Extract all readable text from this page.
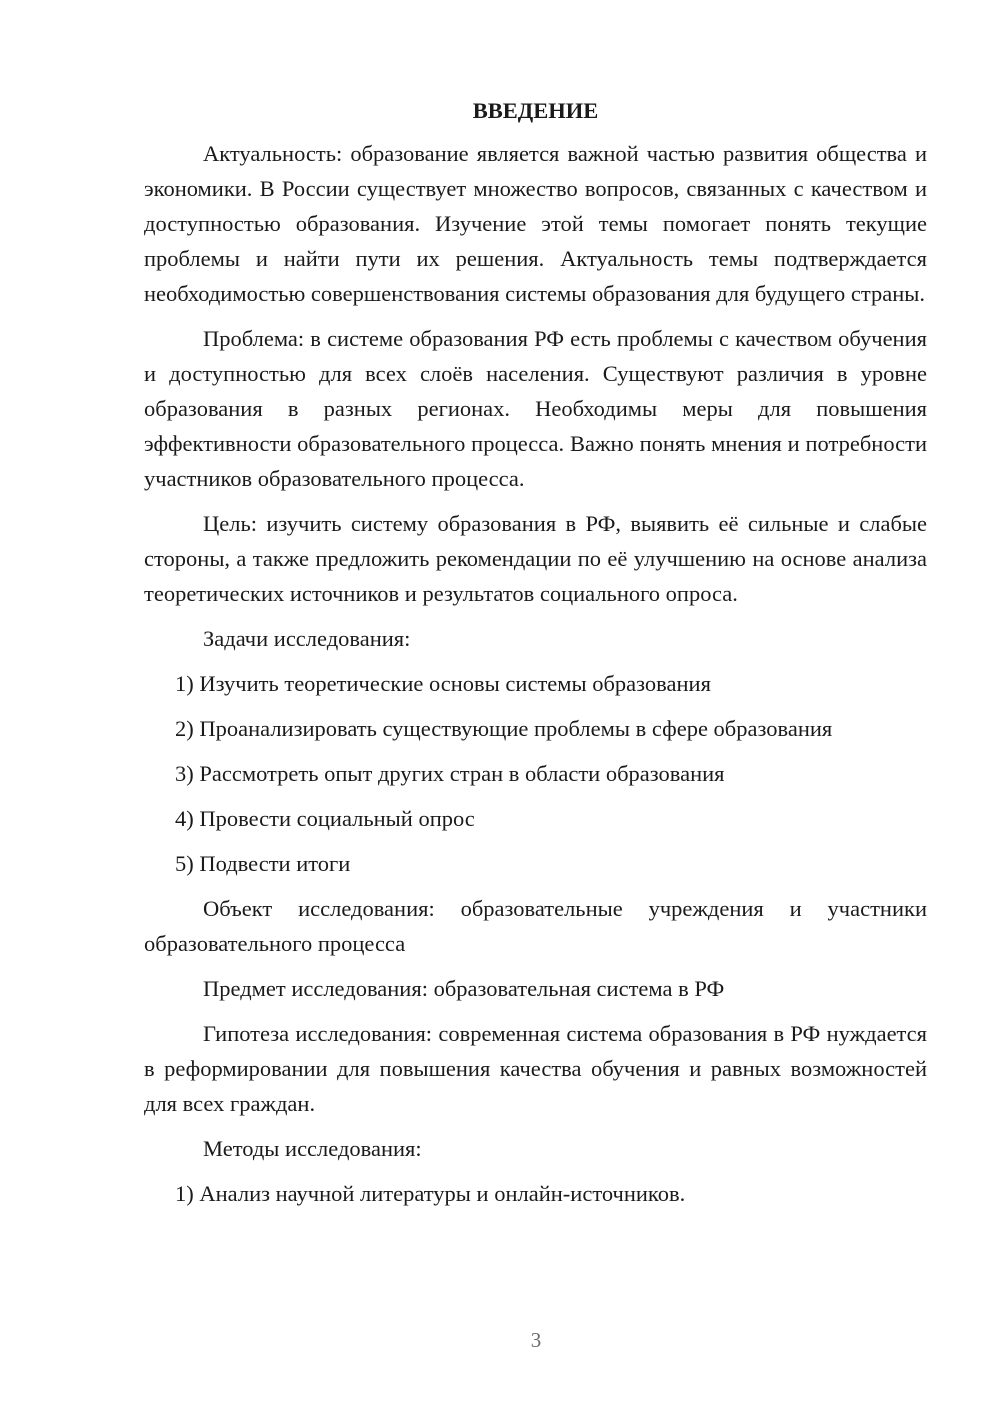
ВВЕДЕНИЕ
Актуальность: образование является важной частью развития общества и экономики. В России существует множество вопросов, связанных с качеством и доступностью образования. Изучение этой темы помогает понять текущие проблемы и найти пути их решения. Актуальность темы подтверждается необходимостью совершенствования системы образования для будущего страны.
Проблема: в системе образования РФ есть проблемы с качеством обучения и доступностью для всех слоёв населения. Существуют различия в уровне образования в разных регионах. Необходимы меры для повышения эффективности образовательного процесса. Важно понять мнения и потребности участников образовательного процесса.
Цель: изучить систему образования в РФ, выявить её сильные и слабые стороны, а также предложить рекомендации по её улучшению на основе анализа теоретических источников и результатов социального опроса.
Задачи исследования:
1) Изучить теоретические основы системы образования
2) Проанализировать существующие проблемы в сфере образования
3) Рассмотреть опыт других стран в области образования
4) Провести социальный опрос
5) Подвести итоги
Объект исследования: образовательные учреждения и участники образовательного процесса
Предмет исследования: образовательная система в РФ
Гипотеза исследования: современная система образования в РФ нуждается в реформировании для повышения качества обучения и равных возможностей для всех граждан.
Методы исследования:
1) Анализ научной литературы и онлайн-источников.
3
